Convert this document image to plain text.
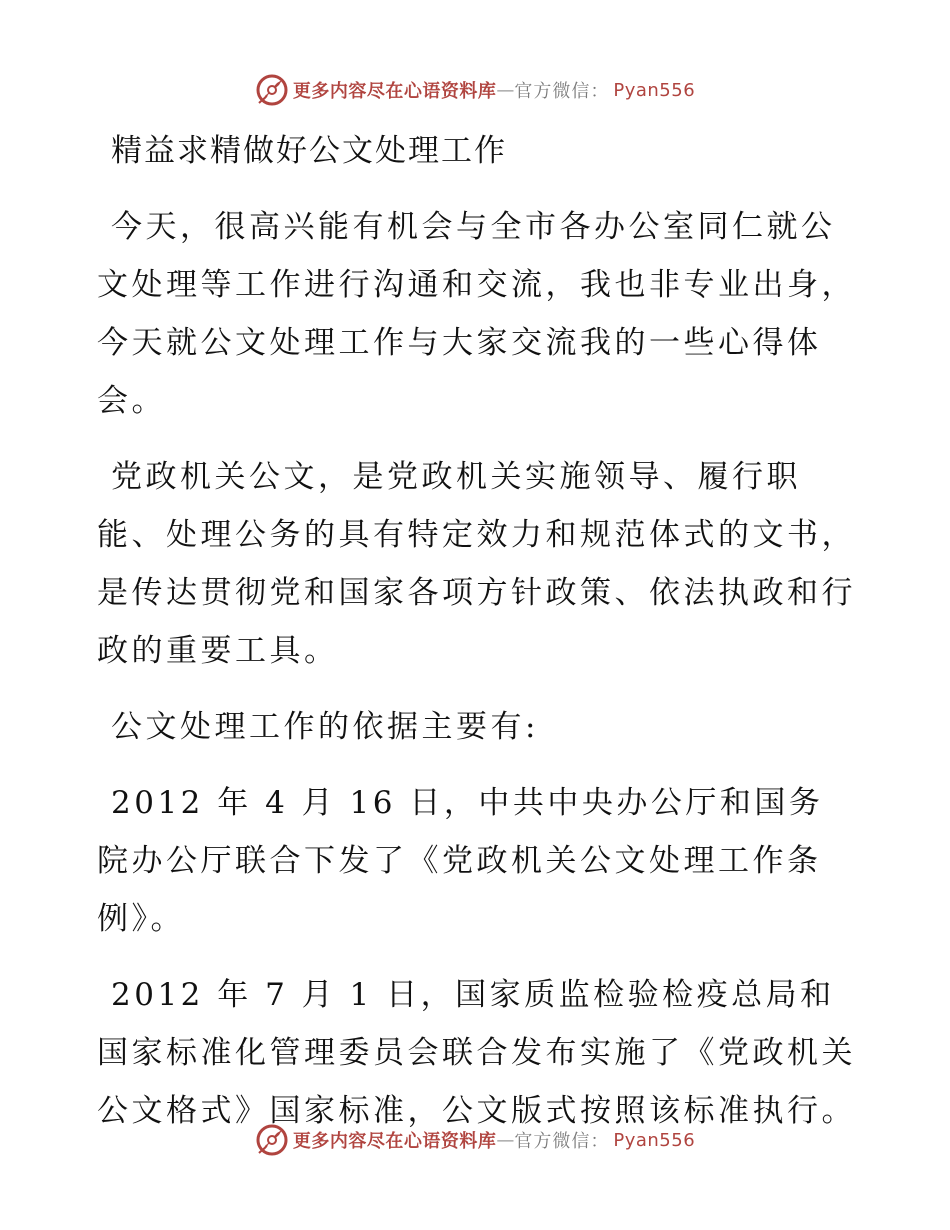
更多内容尽在心语资料库 — 官方微信： Pyan556

精益求精做好公文处理工作

今天，很高兴能有机会与全市各办公室同仁就公文处理等工作进行沟通和交流，我也非专业出身，今天就公文处理工作与大家交流我的一些心得体会。

党政机关公文，是党政机关实施领导、履行职能、处理公务的具有特定效力和规范体式的文书，是传达贯彻党和国家各项方针政策、依法执政和行政的重要工具。

公文处理工作的依据主要有:

2012 年 4 月 16 日，中共中央办公厅和国务院办公厅联合下发了《党政机关公文处理工作条例》。

2012 年 7 月 1 日，国家质监检验检疫总局和国家标准化管理委员会联合发布实施了《党政机关公文格式》国家标准，公文版式按照该标准执行。

更多内容尽在心语资料库 — 官方微信： Pyan556
